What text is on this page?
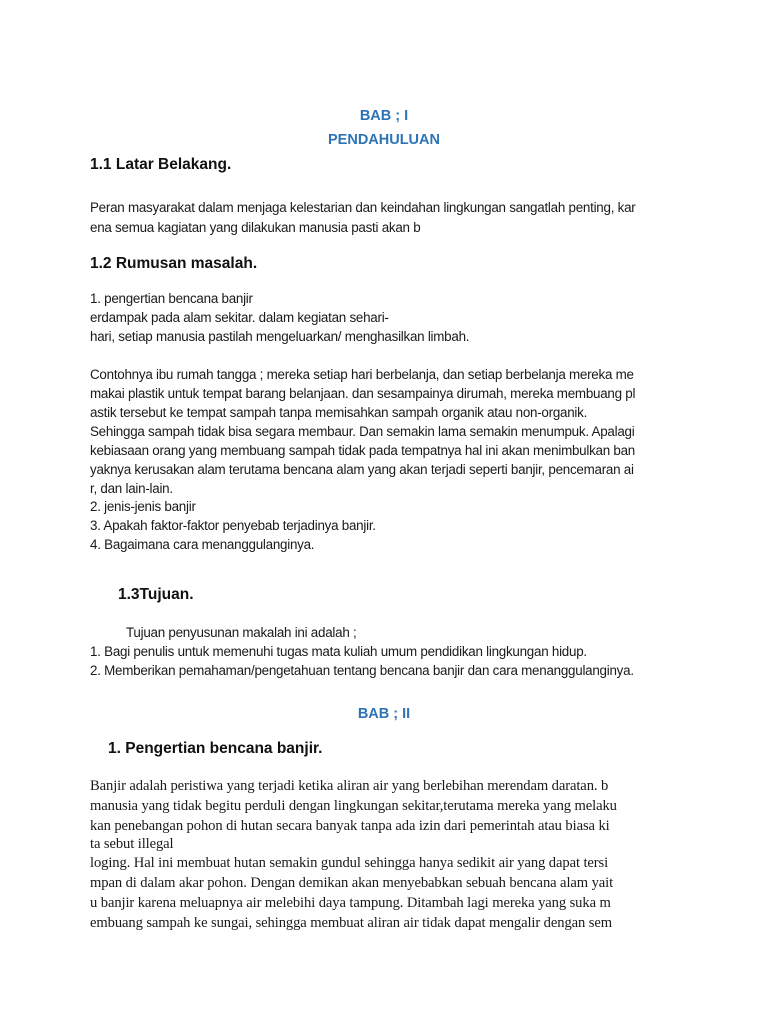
BAB ; I
PENDAHULUAN
1.1 Latar Belakang.
Peran masyarakat dalam menjaga kelestarian dan keindahan lingkungan sangatlah penting, kar
ena semua kagiatan yang dilakukan manusia pasti akan b
1.2 Rumusan masalah.
1. pengertian bencana banjir
erdampak pada alam sekitar. dalam kegiatan sehari-
hari, setiap manusia pastilah mengeluarkan/ menghasilkan limbah.
Contohnya ibu rumah tangga ; mereka setiap hari berbelanja, dan setiap berbelanja mereka me
makai plastik untuk tempat barang belanjaan. dan sesampainya dirumah, mereka membuang pl
astik tersebut ke tempat sampah tanpa memisahkan sampah organik atau non-organik.
Sehingga sampah tidak bisa segara membaur. Dan semakin lama semakin menumpuk. Apalagi
kebiasaan orang yang membuang sampah tidak pada tempatnya hal ini akan menimbulkan ban
yaknya kerusakan alam terutama bencana alam yang akan terjadi seperti banjir, pencemaran ai
r, dan lain-lain.
2. jenis-jenis banjir
3. Apakah faktor-faktor penyebab terjadinya banjir.
4. Bagaimana cara menanggulanginya.
1.3Tujuan.
Tujuan penyusunan makalah ini adalah ;
1. Bagi penulis untuk memenuhi tugas mata kuliah umum pendidikan lingkungan hidup.
2. Memberikan pemahaman/pengetahuan tentang bencana banjir dan cara menanggulanginya.
BAB ; II
1. Pengertian bencana banjir.
Banjir adalah peristiwa yang terjadi ketika aliran air yang berlebihan merendam daratan. b
manusia yang tidak begitu perduli dengan lingkungan sekitar,terutama mereka yang melaku
kan penebangan pohon di hutan secara banyak tanpa ada izin dari pemerintah atau biasa ki
ta sebut illegal
loging. Hal ini membuat hutan semakin gundul sehingga hanya sedikit air yang dapat tersi
mpan di dalam akar pohon. Dengan demikan akan menyebabkan sebuah bencana alam yait
u banjir karena meluapnya air melebihi daya tampung. Ditambah lagi mereka yang suka m
embuang sampah ke sungai, sehingga membuat aliran air tidak dapat mengalir dengan sem
